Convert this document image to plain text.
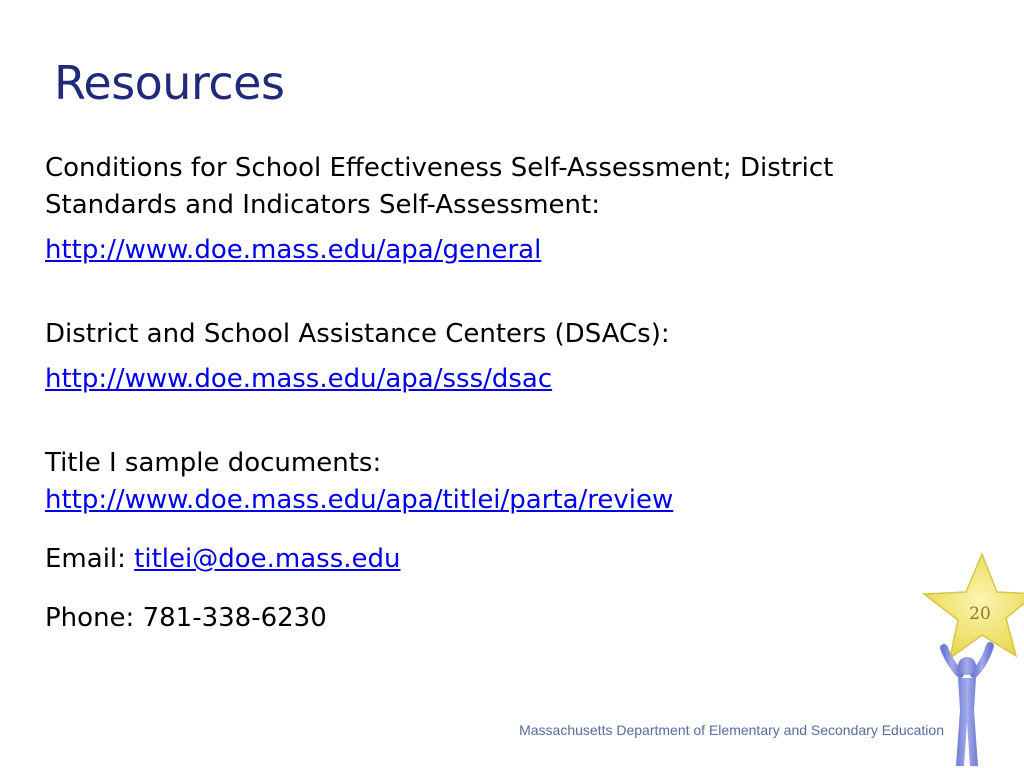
Resources
Conditions for School Effectiveness Self-Assessment; District
Standards and Indicators Self-Assessment:
http://www.doe.mass.edu/apa/general
District and School Assistance Centers (DSACs):
http://www.doe.mass.edu/apa/sss/dsac
Title I sample documents:
http://www.doe.mass.edu/apa/titlei/parta/review
Email: titlei@doe.mass.edu
Phone: 781-338-6230	20
Massachusetts Department of Elementary and Secondary Education
